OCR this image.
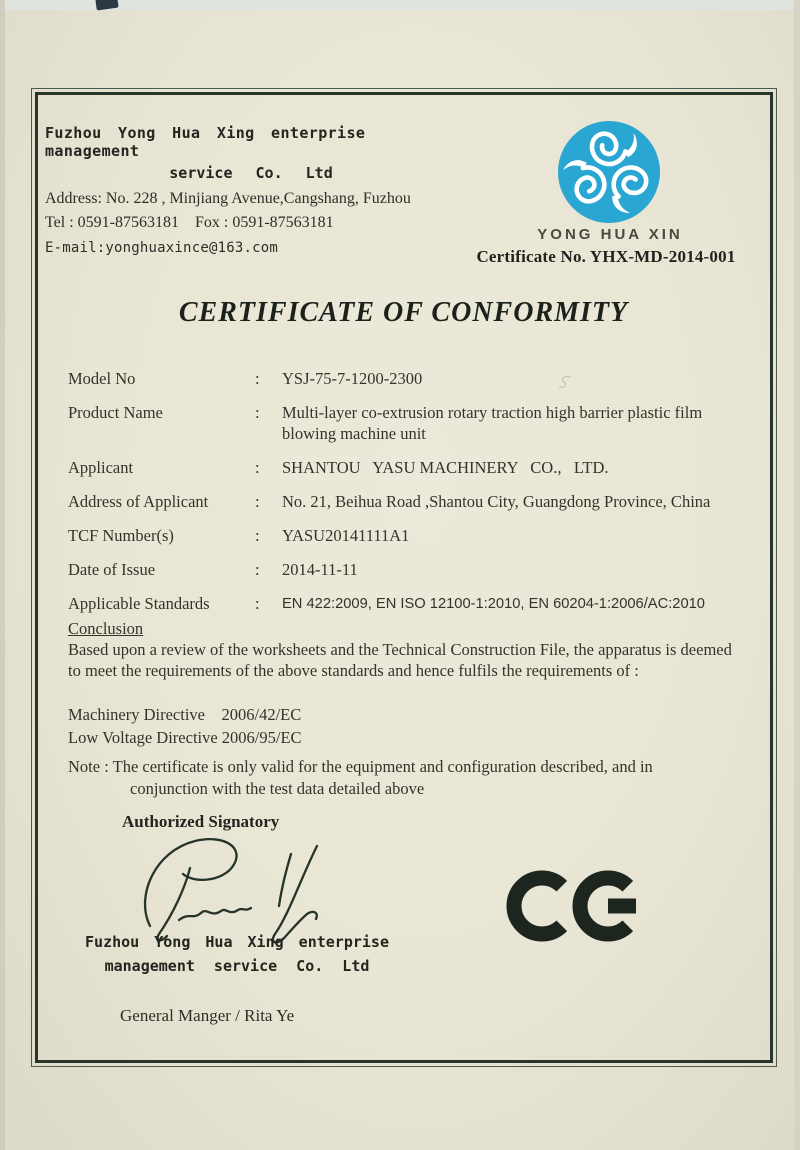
Fuzhou Yong Hua Xing enterprise management
service Co. Ltd
Address: No. 228 , Minjiang Avenue,Cangshang, Fuzhou
Tel : 0591-87563181    Fox : 0591-87563181
E-mail:yonghuaxince@163.com
YONG HUA XIN
Certificate No. YHX-MD-2014-001
CERTIFICATE OF CONFORMITY
Model No	:	YSJ-75-7-1200-2300
Product Name	:	Multi-layer co-extrusion rotary traction high barrier plastic film blowing machine unit
Applicant	:	SHANTOU   YASU MACHINERY   CO.,   LTD.
Address of Applicant	:	No. 21, Beihua Road ,Shantou City, Guangdong Province, China
TCF Number(s)	:	YASU20141111A1
Date of Issue	:	2014-11-11
Applicable Standards	:	EN 422:2009, EN ISO 12100-1:2010, EN 60204-1:2006/AC:2010
Conclusion
Based upon a review of the worksheets and the Technical Construction File, the apparatus is deemed
to meet the requirements of the above standards and hence fulfils the requirements of :
Machinery Directive    2006/42/EC
Low Voltage Directive 2006/95/EC
Note : The certificate is only valid for the equipment and configuration described, and in
conjunction with the test data detailed above
Authorized Signatory
Fuzhou Yong Hua Xing enterprise
management service Co. Ltd
General Manger / Rita Ye
